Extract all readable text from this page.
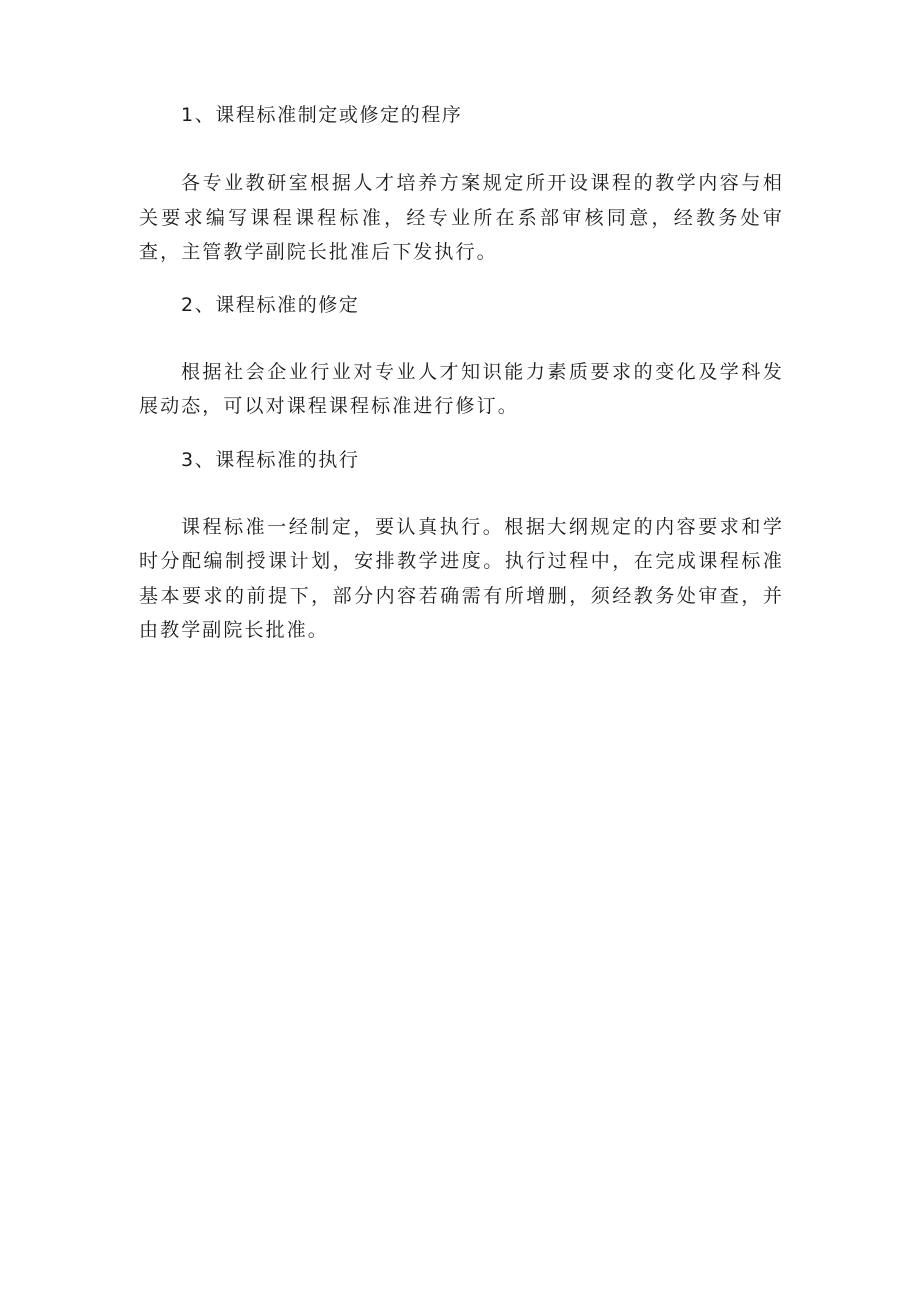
1、课程标准制定或修定的程序

各专业教研室根据人才培养方案规定所开设课程的教学内容与相关要求编写课程课程标准，经专业所在系部审核同意，经教务处审查，主管教学副院长批准后下发执行。

2、课程标准的修定

根据社会企业行业对专业人才知识能力素质要求的变化及学科发展动态，可以对课程课程标准进行修订。

3、课程标准的执行

课程标准一经制定，要认真执行。根据大纲规定的内容要求和学时分配编制授课计划，安排教学进度。执行过程中，在完成课程标准基本要求的前提下，部分内容若确需有所增删，须经教务处审查，并由教学副院长批准。
